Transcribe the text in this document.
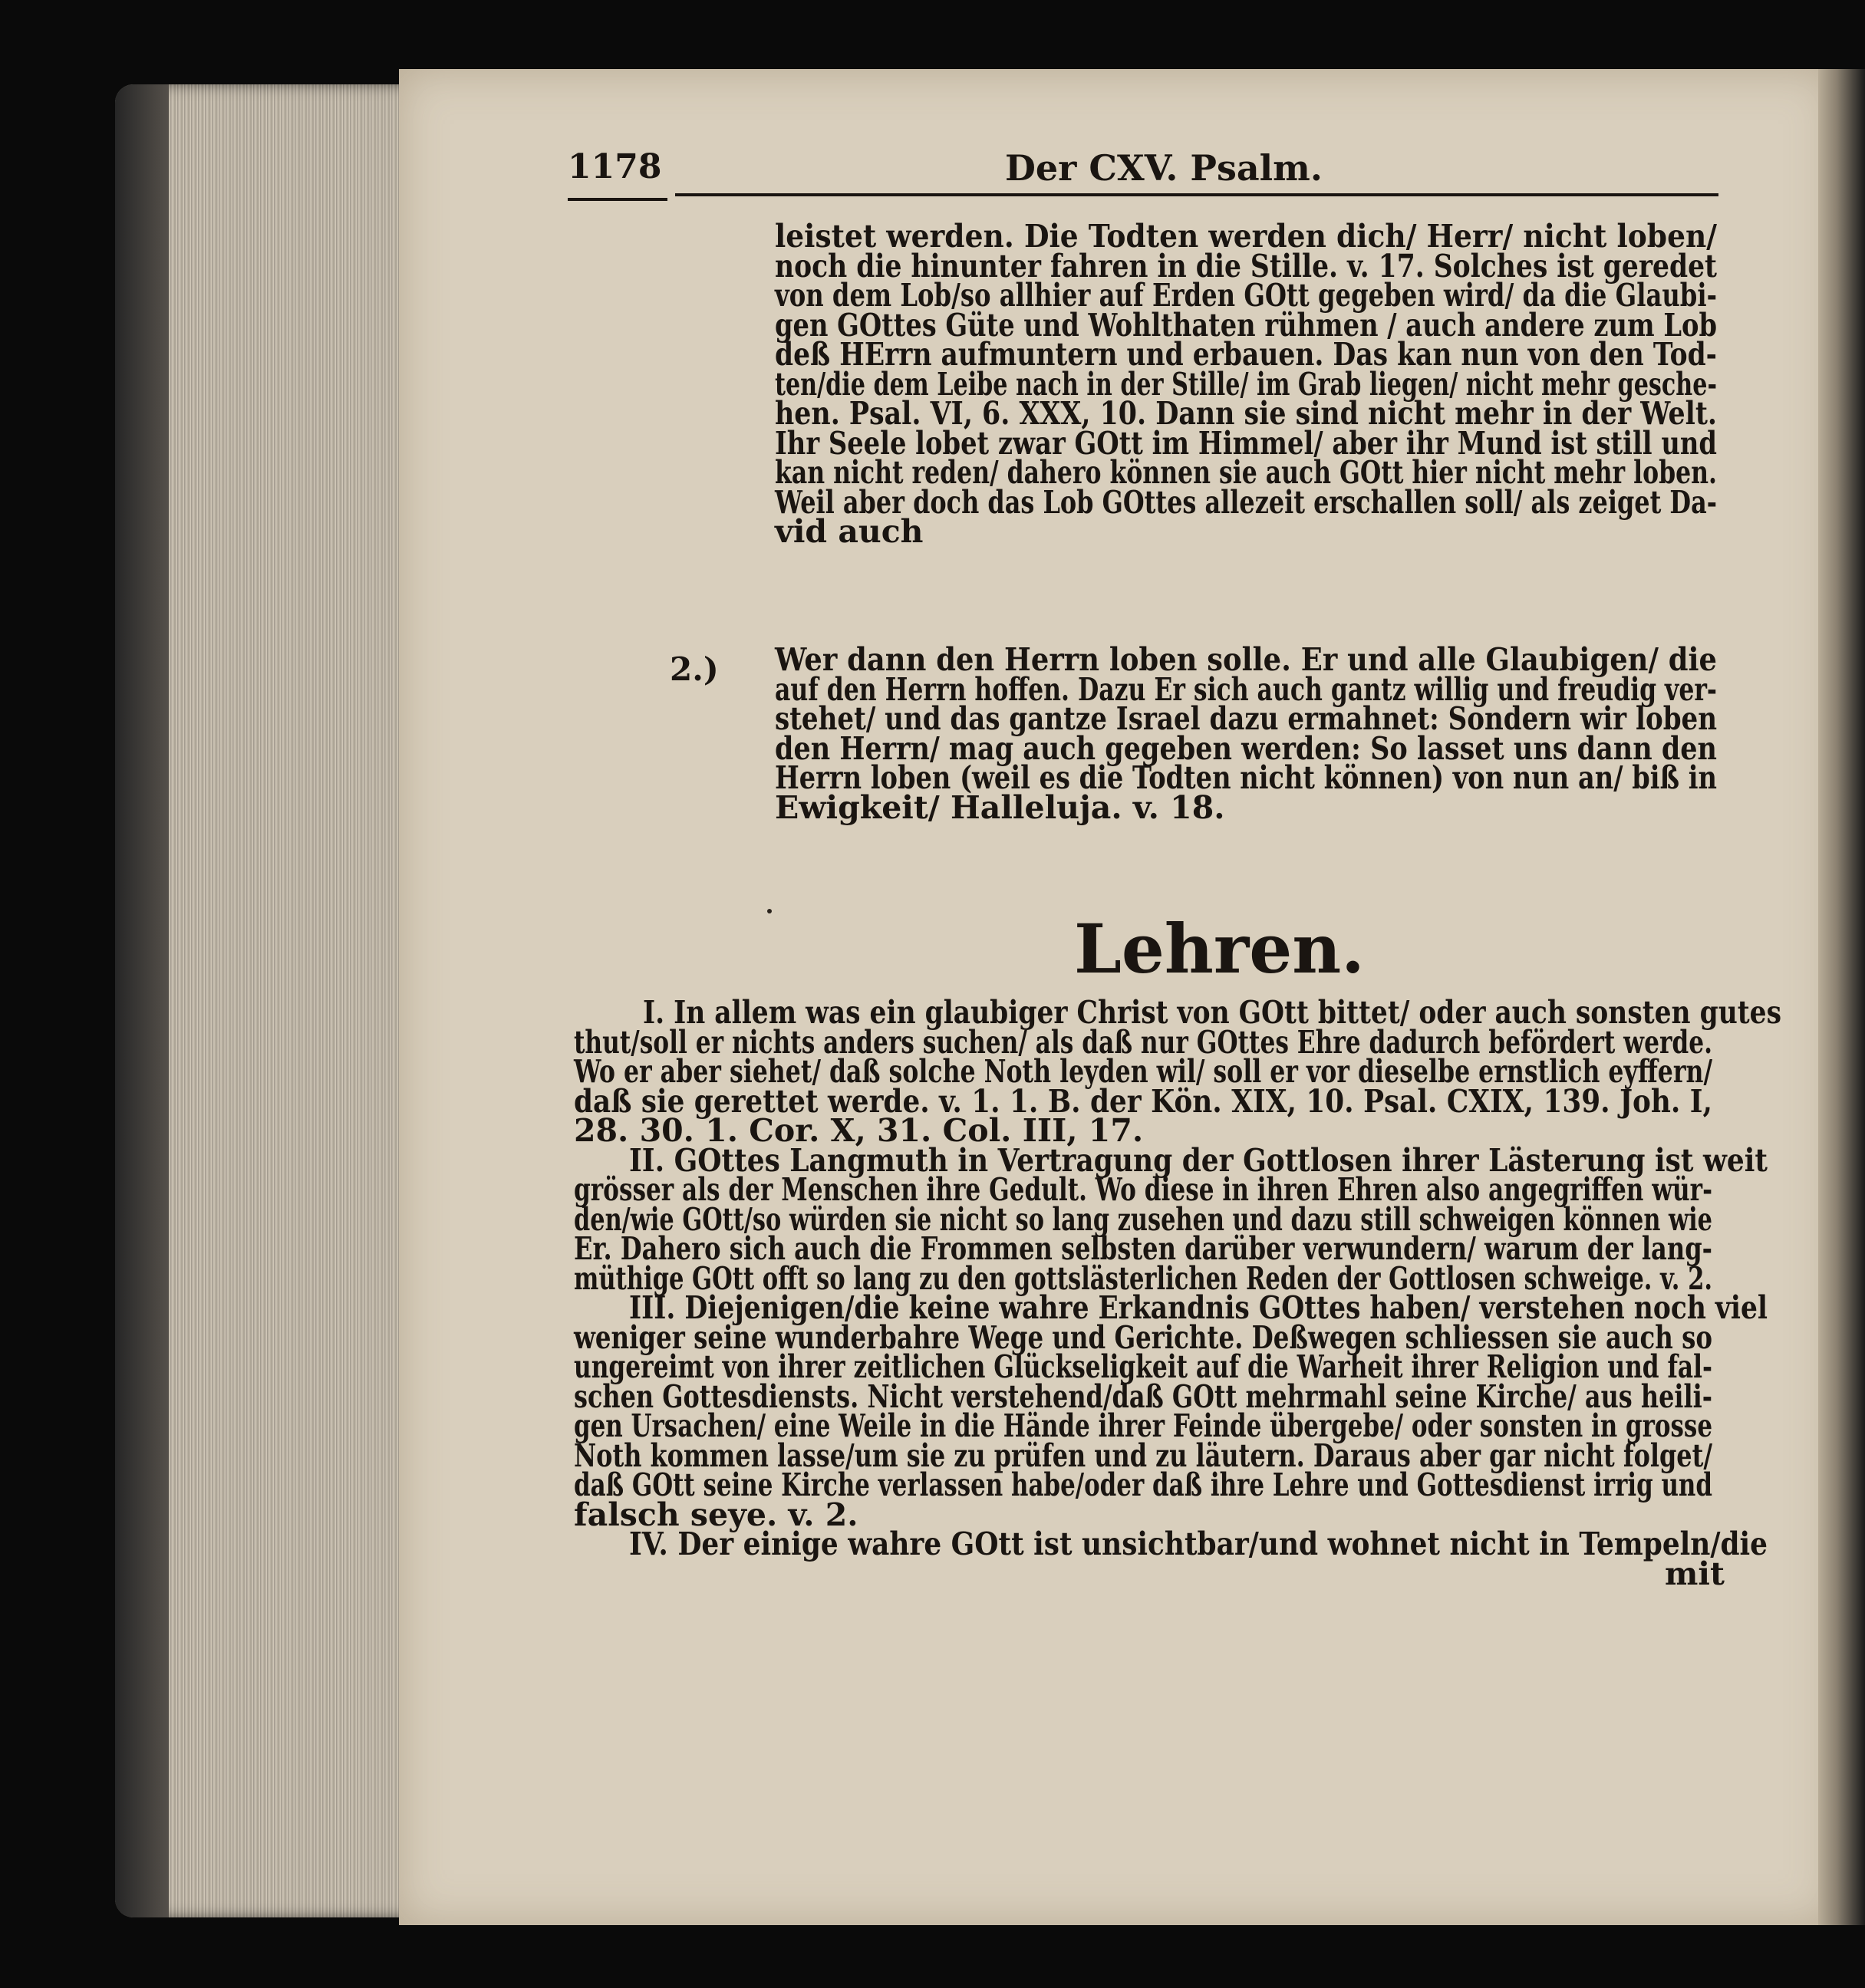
1178	Der CXV. Psalm.
leistet werden. Die Todten werden dich/ Herr/ nicht loben/
noch die hinunter fahren in die Stille. v. 17. Solches ist geredet
von dem Lob/so allhier auf Erden GOtt gegeben wird/ da die Glaubi-
gen GOttes Güte und Wohlthaten rühmen / auch andere zum Lob
deß HErrn aufmuntern und erbauen. Das kan nun von den Tod-
ten/die dem Leibe nach in der Stille/ im Grab liegen/ nicht mehr gesche-
hen. Psal. VI, 6. XXX, 10. Dann sie sind nicht mehr in der Welt.
Ihr Seele lobet zwar GOtt im Himmel/ aber ihr Mund ist still und
kan nicht reden/ dahero können sie auch GOtt hier nicht mehr loben.
Weil aber doch das Lob GOttes allezeit erschallen soll/ als zeiget Da-
vid auch
2.) Wer dann den Herrn loben solle. Er und alle Glaubigen/ die
auf den Herrn hoffen. Dazu Er sich auch gantz willig und freudig ver-
stehet/ und das gantze Israel dazu ermahnet: Sondern wir loben
den Herrn/ mag auch gegeben werden: So lasset uns dann den
Herrn loben (weil es die Todten nicht können) von nun an/ biß in
Ewigkeit/ Halleluja. v. 18.
Lehren.
I. In allem was ein glaubiger Christ von GOtt bittet/ oder auch sonsten gutes
thut/soll er nichts anders suchen/ als daß nur GOttes Ehre dadurch befördert werde.
Wo er aber siehet/ daß solche Noth leyden wil/ soll er vor dieselbe ernstlich eyffern/
daß sie gerettet werde. v. 1. 1. B. der Kön. XIX, 10. Psal. CXIX, 139. Joh. I,
28. 30. 1. Cor. X, 31. Col. III, 17.
II. GOttes Langmuth in Vertragung der Gottlosen ihrer Lästerung ist weit
grösser als der Menschen ihre Gedult. Wo diese in ihren Ehren also angegriffen wür-
den/wie GOtt/so würden sie nicht so lang zusehen und dazu still schweigen können wie
Er. Dahero sich auch die Frommen selbsten darüber verwundern/ warum der lang-
müthige GOtt offt so lang zu den gottslästerlichen Reden der Gottlosen schweige. v. 2.
III. Diejenigen/die keine wahre Erkandnis GOttes haben/ verstehen noch viel
weniger seine wunderbahre Wege und Gerichte. Deßwegen schliessen sie auch so
ungereimt von ihrer zeitlichen Glückseligkeit auf die Warheit ihrer Religion und fal-
schen Gottesdiensts. Nicht verstehend/daß GOtt mehrmahl seine Kirche/ aus heili-
gen Ursachen/ eine Weile in die Hände ihrer Feinde übergebe/ oder sonsten in grosse
Noth kommen lasse/um sie zu prüfen und zu läutern. Daraus aber gar nicht folget/
daß GOtt seine Kirche verlassen habe/oder daß ihre Lehre und Gottesdienst irrig und
falsch seye. v. 2.
IV. Der einige wahre GOtt ist unsichtbar/und wohnet nicht in Tempeln/die
mit
